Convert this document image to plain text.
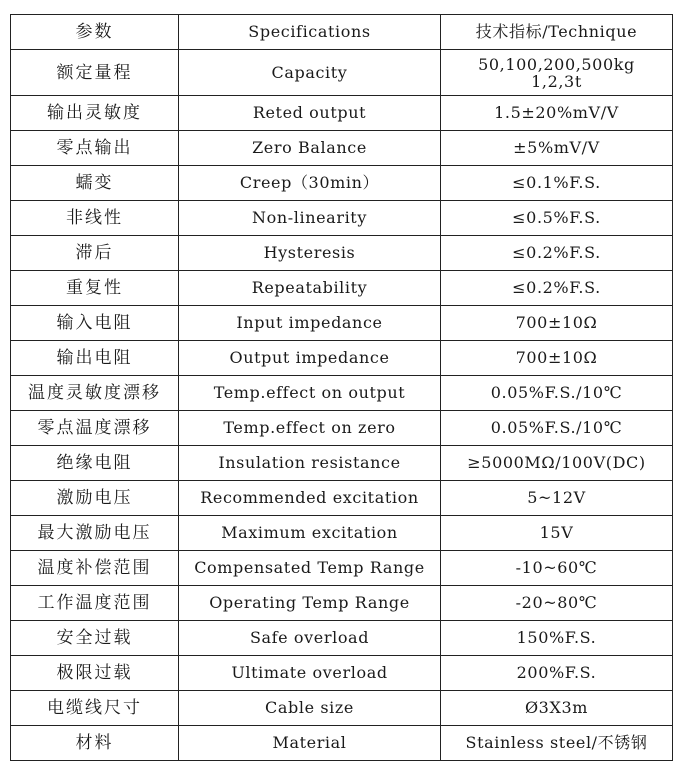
参数	Specifications	技术指标/Technique
额定量程	Capacity	50,100,200,500kg
1,2,3t

输出灵敏度	Reted output	1.5±20%mV/V
零点输出	Zero Balance	±5%mV/V
蠕变	Creep（30min）	≤0.1%F.S.
非线性	Non-linearity	≤0.5%F.S.
滞后	Hysteresis	≤0.2%F.S.
重复性	Repeatability	≤0.2%F.S.
输入电阻	Input impedance	700±10Ω
输出电阻	Output impedance	700±10Ω
温度灵敏度漂移	Temp.effect on output	0.05%F.S./10℃
零点温度漂移	Temp.effect on zero	0.05%F.S./10℃
绝缘电阻	Insulation resistance	≥5000MΩ/100V(DC)
激励电压	Recommended excitation	5~12V
最大激励电压	Maximum excitation	15V
温度补偿范围	Compensated Temp Range	-10~60℃
工作温度范围	Operating Temp Range	-20~80℃
安全过载	Safe overload	150%F.S.
极限过载	Ultimate overload	200%F.S.
电缆线尺寸	Cable size	Ø3X3m
材料	Material	Stainless steel/不锈钢
